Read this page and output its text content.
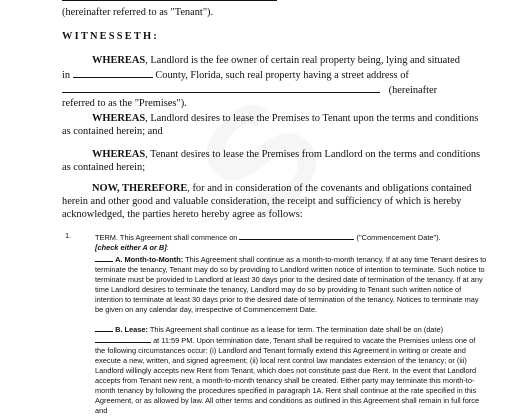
(hereinafter referred to as "Tenant").

WITNESSETH:

WHEREAS, Landlord is the fee owner of certain real property being, lying and situated
in	County, Florida, such real property having a street address of
(hereinafter
referred to as the "Premises").

WHEREAS, Landlord desires to lease the Premises to Tenant upon the terms and conditions as contained herein; and

WHEREAS, Tenant desires to lease the Premises from Landlord on the terms and conditions as contained herein;

NOW, THEREFORE, for and in consideration of the covenants and obligations contained herein and other good and valuable consideration, the receipt and sufficiency of which is hereby acknowledged, the parties hereto hereby agree as follows:

1.	TERM. This Agreement shall commence on	("Commencement Date").
[check either A or B]:

A. Month-to-Month: This Agreement shall continue as a month-to-month tenancy. If at any time Tenant desires to terminate the tenancy, Tenant may do so by providing to Landlord written notice of intention to terminate. Such notice to terminate must be provided to Landlord at least 30 days prior to the desired date of termination of the tenancy. If at any time Landlord desires to terminate the tenancy, Landlord may do so by providing to Tenant such written notice of intention to terminate at least 30 days prior to the desired date of termination of the tenancy. Notices to terminate may be given on any calendar day, irrespective of Commencement Date.

B. Lease: This Agreement shall continue as a lease for term. The termination date shall be on (date)  at 11:59 PM. Upon termination date, Tenant shall be required to vacate the Premises unless one of the following circumstances occur: (i) Landlord and Tenant formally extend this Agreement in writing or create and execute a new, written, and signed agreement; (ii) local rent control law mandates extension of the tenancy; or (iii) Landlord willingly accepts new Rent from Tenant, which does not constitute past due Rent. In the event that Landlord accepts from Tenant new rent, a month-to-month tenancy shall be created. Either party may terminate this month-to-month tenancy by following the procedures specified in paragraph 1A. Rent shall continue at the rate specified in this Agreement, or as allowed by law. All other terms and conditions as outlined in this Agreement shall remain in full force and
